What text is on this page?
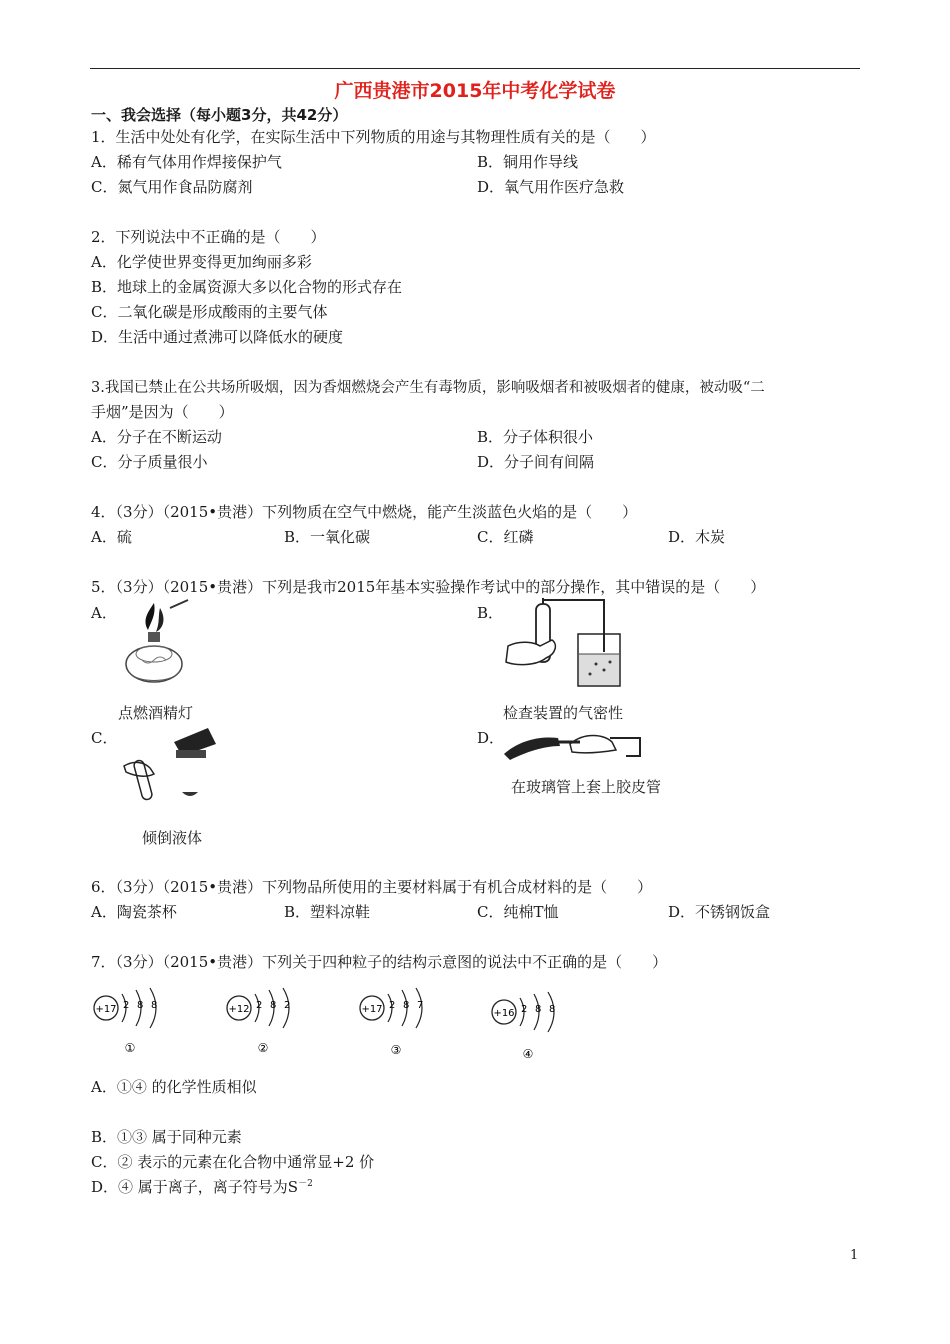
广西贵港市2015年中考化学试卷
一、我会选择（每小题3分，共42分）
1．生活中处处有化学，在实际生活中下列物质的用途与其物理性质有关的是（　　）
A．稀有气体用作焊接保护气	B．铜用作导线
C．氮气用作食品防腐剂	D．氧气用作医疗急救
2．下列说法中不正确的是（　　）
A．化学使世界变得更加绚丽多彩
B．地球上的金属资源大多以化合物的形式存在
C．二氧化碳是形成酸雨的主要气体
D．生活中通过煮沸可以降低水的硬度
3.我国已禁止在公共场所吸烟，因为香烟燃烧会产生有毒物质，影响吸烟者和被吸烟者的健康，被动吸“二
手烟”是因为（　　）
A．分子在不断运动	B．分子体积很小
C．分子质量很小	D．分子间有间隔
4．（3分）（2015•贵港）下列物质在空气中燃烧，能产生淡蓝色火焰的是（　　）
A．硫	B．一氧化碳	C．红磷	D．木炭
5．（3分）（2015•贵港）下列是我市2015年基本实验操作考试中的部分操作，其中错误的是（　　）
A．	B．
点燃酒精灯	检查装置的气密性
C．	D．
倾倒液体
在玻璃管上套上胶皮管
6．（3分）（2015•贵港）下列物品所使用的主要材料属于有机合成材料的是（　　）
A．陶瓷茶杯	B．塑料凉鞋	C．纯棉T恤	D．不锈钢饭盒
7．（3分）（2015•贵港）下列关于四种粒子的结构示意图的说法中不正确的是（　　）
+17 2 8 8
①
+12 2 8 2
②
+17 2 8 7
③
+16 2 8 8
④
A．①④ 的化学性质相似
B．①③ 属于同种元素
C．② 表示的元素在化合物中通常显+2 价
D．④ 属于离子，离子符号为$S^{-2}$
1
